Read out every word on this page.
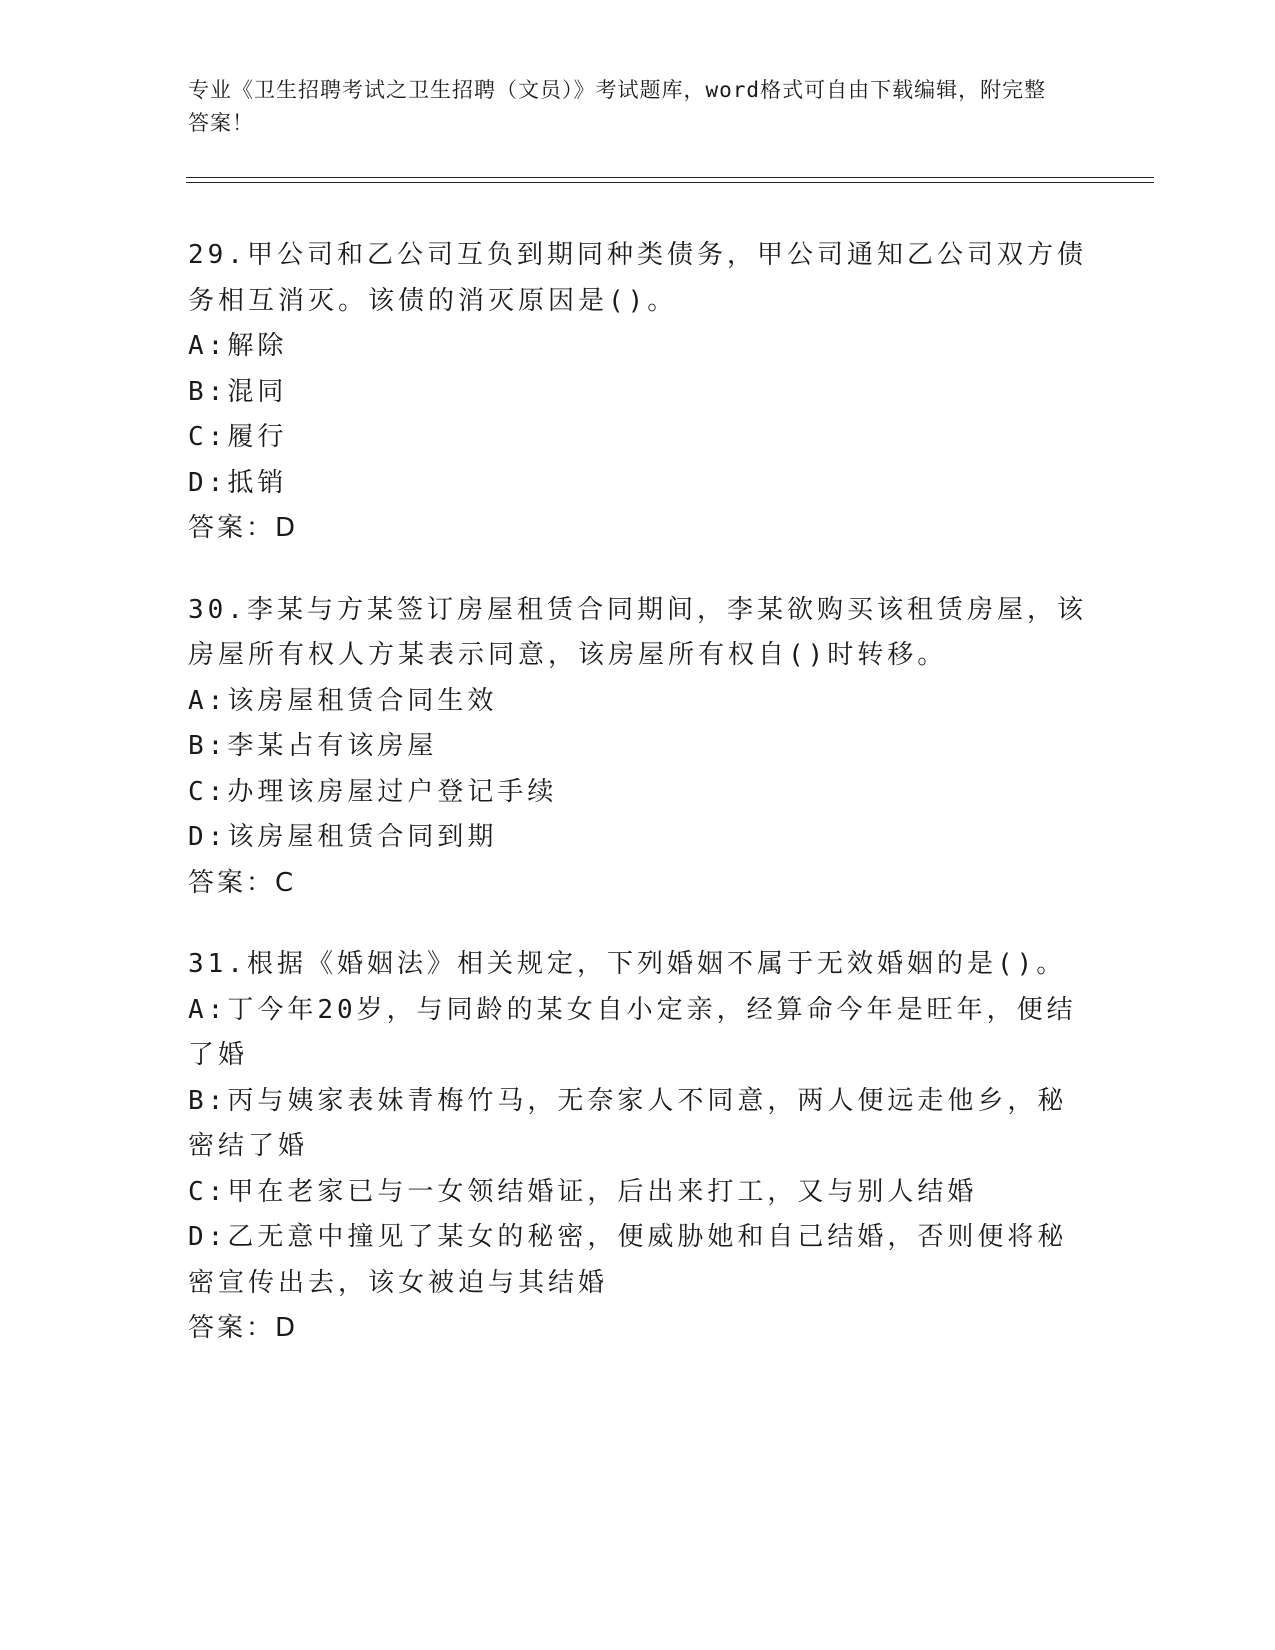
专业《卫生招聘考试之卫生招聘（文员）》考试题库，word格式可自由下载编辑，附完整答案！

29.甲公司和乙公司互负到期同种类债务，甲公司通知乙公司双方债务相互消灭。该债的消灭原因是()。

A:解除

B:混同

C:履行

D:抵销

答案：D

30.李某与方某签订房屋租赁合同期间，李某欲购买该租赁房屋，该房屋所有权人方某表示同意，该房屋所有权自()时转移。

A:该房屋租赁合同生效

B:李某占有该房屋

C:办理该房屋过户登记手续

D:该房屋租赁合同到期

答案：C

31.根据《婚姻法》相关规定，下列婚姻不属于无效婚姻的是()。

A:丁今年20岁，与同龄的某女自小定亲，经算命今年是旺年，便结了婚

B:丙与姨家表妹青梅竹马，无奈家人不同意，两人便远走他乡，秘密结了婚

C:甲在老家已与一女领结婚证，后出来打工，又与别人结婚

D:乙无意中撞见了某女的秘密，便威胁她和自己结婚，否则便将秘密宣传出去，该女被迫与其结婚

答案：D
